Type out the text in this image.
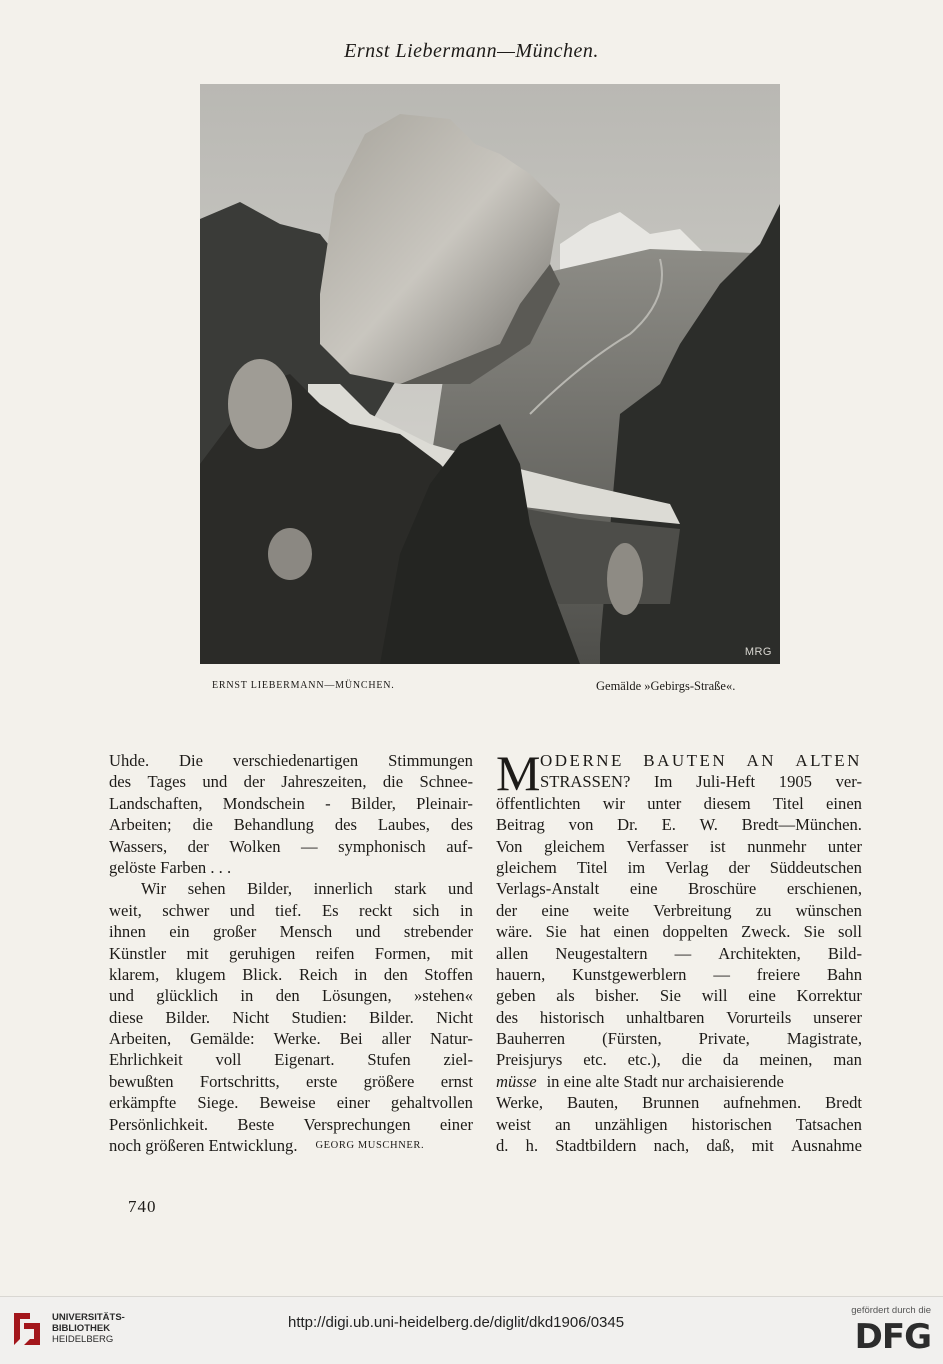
Ernst Liebermann—München.
MRG
ERNST LIEBERMANN—MÜNCHEN.	Gemälde »Gebirgs-Straße«.
Uhde. Die verschiedenartigen Stimmungen
des Tages und der Jahreszeiten, die Schnee-
Landschaften, Mondschein - Bilder, Pleinair-
Arbeiten; die Behandlung des Laubes, des
Wassers, der Wolken — symphonisch auf-
gelöste Farben . . .
Wir sehen Bilder, innerlich stark und
weit, schwer und tief. Es reckt sich in
ihnen ein großer Mensch und strebender
Künstler mit geruhigen reifen Formen, mit
klarem, klugem Blick. Reich in den Stoffen
und glücklich in den Lösungen, »stehen«
diese Bilder. Nicht Studien: Bilder. Nicht
Arbeiten, Gemälde: Werke. Bei aller Natur-
Ehrlichkeit voll Eigenart. Stufen ziel-
bewußten Fortschritts, erste größere ernst
erkämpfte Siege. Beweise einer gehaltvollen
Persönlichkeit. Beste Versprechungen einer
noch größeren Entwicklung. GEORG MUSCHNER.
M ODERNE BAUTEN AN ALTEN
STRASSEN? Im Juli-Heft 1905 ver-
öffentlichten wir unter diesem Titel einen
Beitrag von Dr. E. W. Bredt—München.
Von gleichem Verfasser ist nunmehr unter
gleichem Titel im Verlag der Süddeutschen
Verlags-Anstalt eine Broschüre erschienen,
der eine weite Verbreitung zu wünschen
wäre. Sie hat einen doppelten Zweck. Sie soll
allen Neugestaltern — Architekten, Bild-
hauern, Kunstgewerblern — freiere Bahn
geben als bisher. Sie will eine Korrektur
des historisch unhaltbaren Vorurteils unserer
Bauherren (Fürsten, Private, Magistrate,
Preisjurys etc. etc.), die da meinen, man
müsse in eine alte Stadt nur archaisierende
Werke, Bauten, Brunnen aufnehmen. Bredt
weist an unzähligen historischen Tatsachen
d. h. Stadtbildern nach, daß, mit Ausnahme
740
UNIVERSITÄTS-
BIBLIOTHEK
HEIDELBERG
http://digi.ub.uni-heidelberg.de/diglit/dkd1906/0345
gefördert durch die
DFG
